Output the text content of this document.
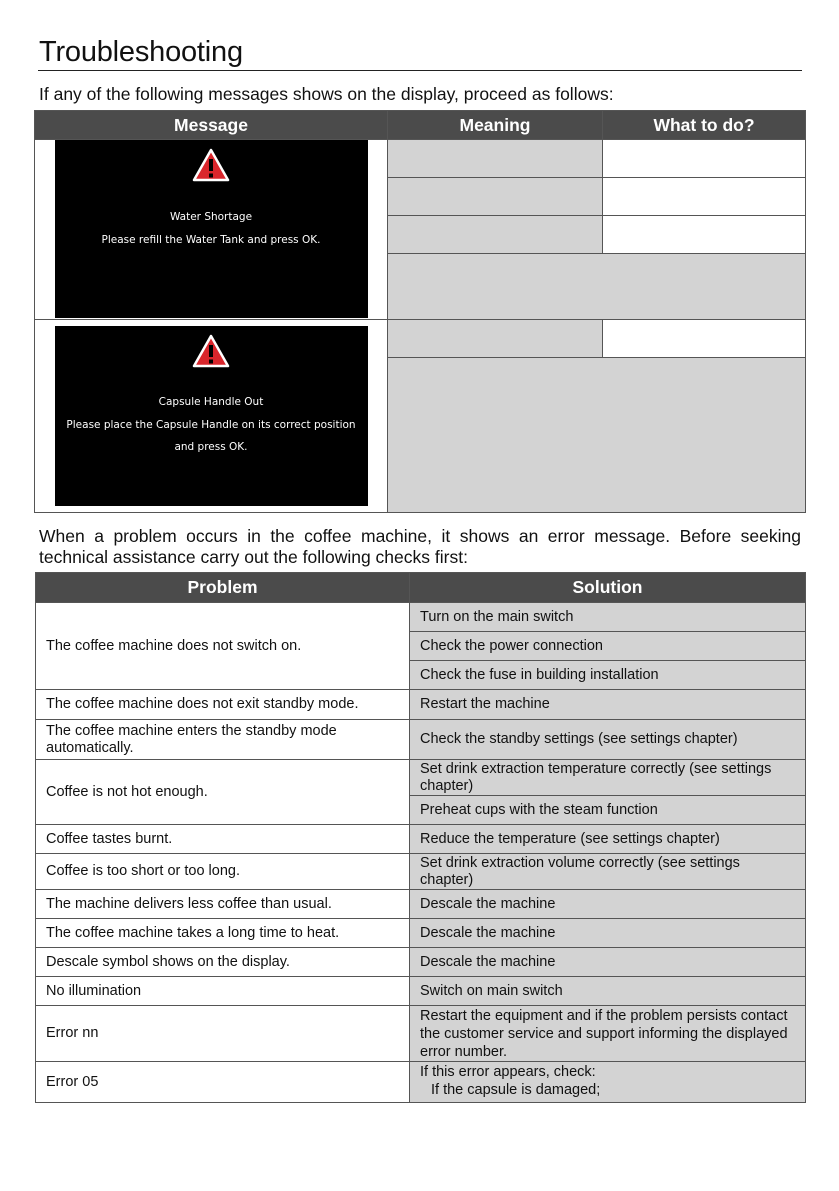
Troubleshooting
If any of the following messages shows on the display, proceed as follows:
Message	Meaning	What to do?

Water Shortage
Please refill the Water Tank and press OK.		

Capsule Handle Out
Please place the Capsule Handle on its correct position
and press OK.		

When a problem occurs in the coffee machine, it shows an error message. Before seeking technical assistance carry out the following checks first:
Problem	Solution
The coffee machine does not switch on.	Turn on the main switch
	Check the power connection
	Check the fuse in building installation
The coffee machine does not exit standby mode.	Restart the machine
The coffee machine enters the standby mode automatically.	Check the standby settings (see settings chapter)
Coffee is not hot enough.	Set drink extraction temperature correctly (see settings chapter)
	Preheat cups with the steam function
Coffee tastes burnt.	Reduce the temperature (see settings chapter)
Coffee is too short or too long.	Set drink extraction volume correctly (see settings chapter)
The machine delivers less coffee than usual.	Descale the machine
The coffee machine takes a long time to heat.	Descale the machine
Descale symbol shows on the display.	Descale the machine
No illumination	Switch on main switch
Error nn	Restart the equipment and if the problem persists contact the customer service and support informing the displayed error number.
Error 05	If this error appears, check:
If the capsule is damaged;
